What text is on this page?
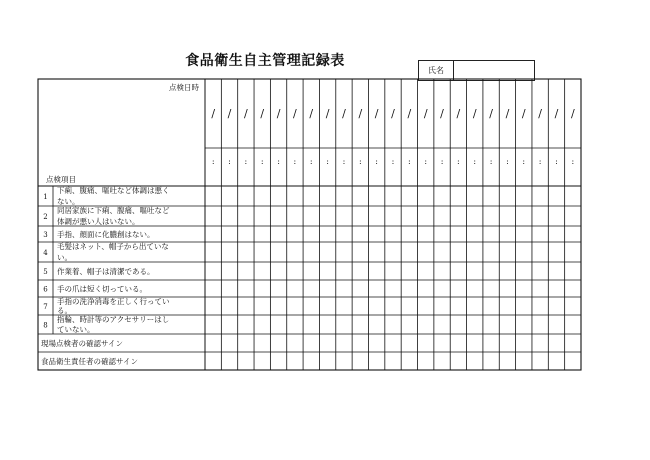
食品衛生自主管理記録表
氏名
点検日時
点検項目
/
:
/
:
/
:
/
:
/
:
/
:
/
:
/
:
/
:
/
:
/
:
/
:
/
:
/
:
/
:
/
:
/
:
/
:
/
:
/
:
/
:
/
:
/
:
1
下痢、腹痛、嘔吐など体調は悪く
ない。
2
同居家族に下痢、腹痛、嘔吐など
体調が悪い人はいない。
3 手指、顔面に化膿創はない。
4
毛髪はネット、帽子から出ていな
い。
5 作業着、帽子は清潔である。
6 手の爪は短く切っている。
7
手指の洗浄消毒を正しく行ってい
る。
8
指輪、時計等のアクセサリーはし
ていない。
現場点検者の確認サイン
食品衛生責任者の確認サイン
